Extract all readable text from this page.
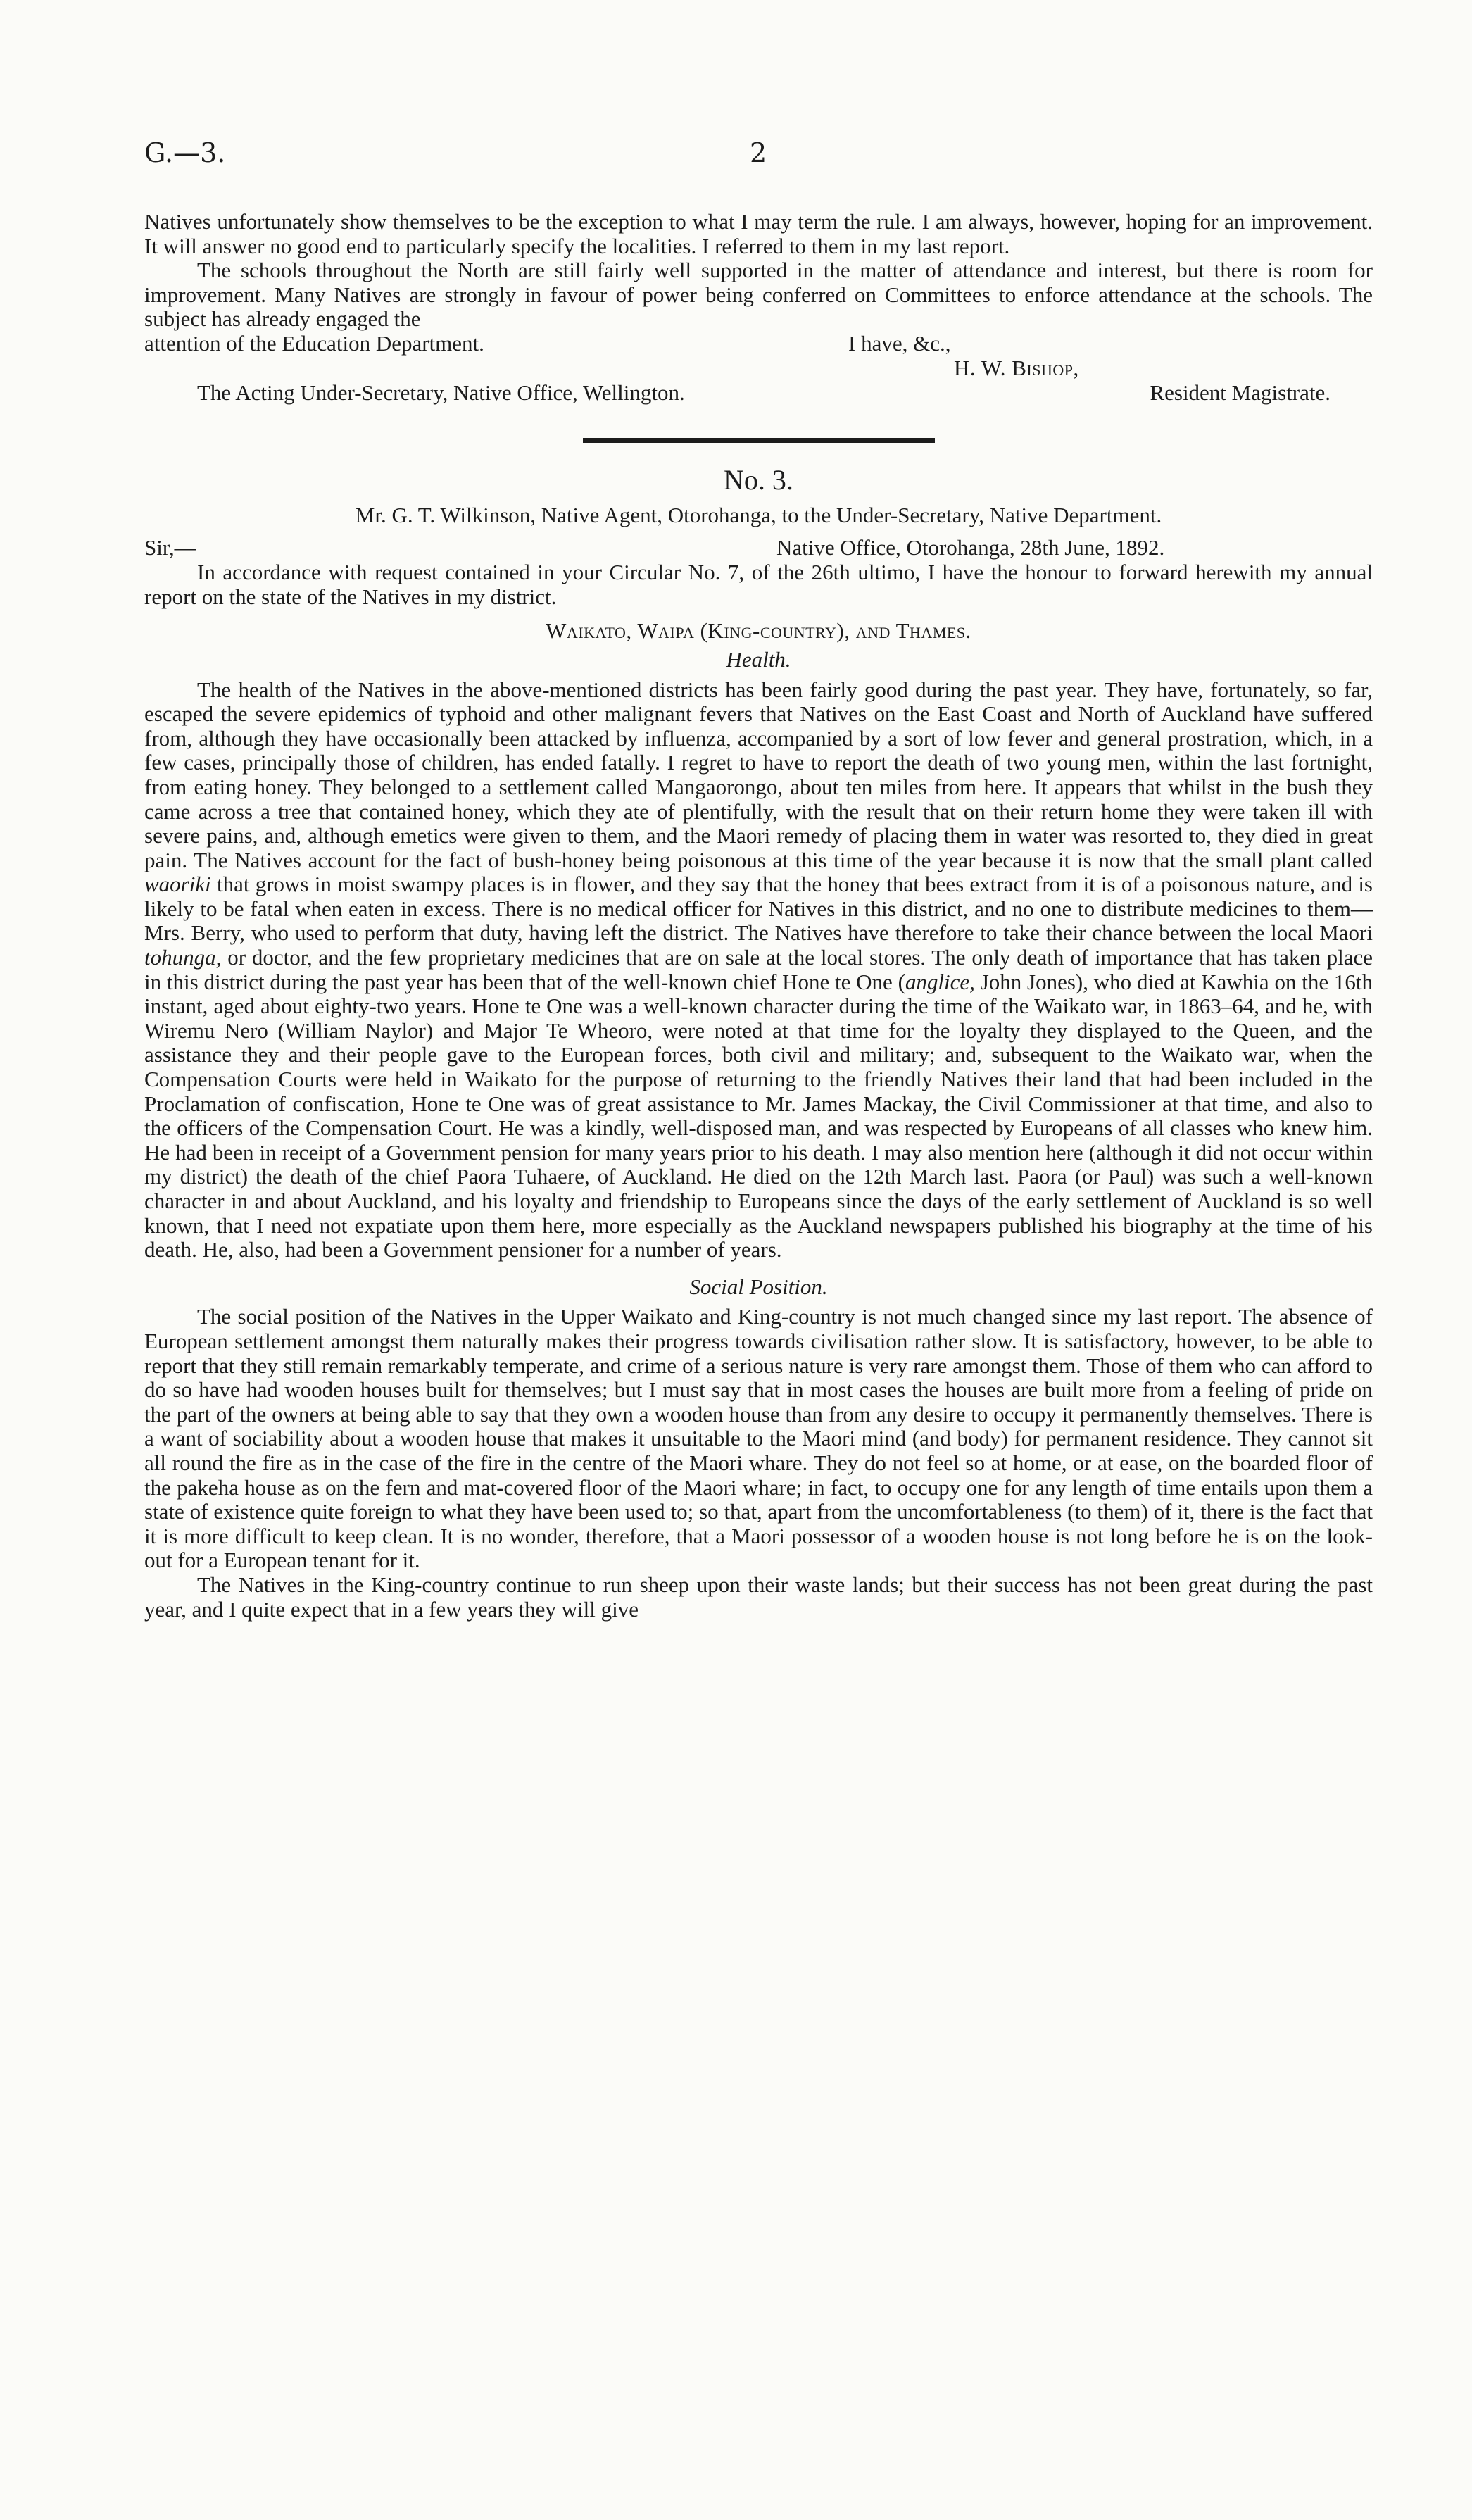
G.—3.	2

Natives unfortunately show themselves to be the exception to what I may term the rule. I am always, however, hoping for an improvement. It will answer no good end to particularly specify the localities. I referred to them in my last report.

The schools throughout the North are still fairly well supported in the matter of attendance and interest, but there is room for improvement. Many Natives are strongly in favour of power being conferred on Committees to enforce attendance at the schools. The subject has already engaged the

attention of the Education Department.	I have, &c.,
H. W. Bishop,
The Acting Under-Secretary, Native Office, Wellington.	Resident Magistrate.
No. 3.
Mr. G. T. Wilkinson, Native Agent, Otorohanga, to the Under-Secretary, Native Department.
Sir,—	Native Office, Otorohanga, 28th June, 1892.

In accordance with request contained in your Circular No. 7, of the 26th ultimo, I have the honour to forward herewith my annual report on the state of the Natives in my district.

Waikato, Waipa (King-country), and Thames.
Health.

The health of the Natives in the above-mentioned districts has been fairly good during the past year. They have, fortunately, so far, escaped the severe epidemics of typhoid and other malignant fevers that Natives on the East Coast and North of Auckland have suffered from, although they have occasionally been attacked by influenza, accompanied by a sort of low fever and general prostration, which, in a few cases, principally those of children, has ended fatally. I regret to have to report the death of two young men, within the last fortnight, from eating honey. They belonged to a settlement called Mangaorongo, about ten miles from here. It appears that whilst in the bush they came across a tree that contained honey, which they ate of plentifully, with the result that on their return home they were taken ill with severe pains, and, although emetics were given to them, and the Maori remedy of placing them in water was resorted to, they died in great pain. The Natives account for the fact of bush-honey being poisonous at this time of the year because it is now that the small plant called waoriki that grows in moist swampy places is in flower, and they say that the honey that bees extract from it is of a poisonous nature, and is likely to be fatal when eaten in excess. There is no medical officer for Natives in this district, and no one to distribute medicines to them—Mrs. Berry, who used to perform that duty, having left the district. The Natives have therefore to take their chance between the local Maori tohunga, or doctor, and the few proprietary medicines that are on sale at the local stores. The only death of importance that has taken place in this district during the past year has been that of the well-known chief Hone te One (anglice, John Jones), who died at Kawhia on the 16th instant, aged about eighty-two years. Hone te One was a well-known character during the time of the Waikato war, in 1863–64, and he, with Wiremu Nero (William Naylor) and Major Te Wheoro, were noted at that time for the loyalty they displayed to the Queen, and the assistance they and their people gave to the European forces, both civil and military; and, subsequent to the Waikato war, when the Compensation Courts were held in Waikato for the purpose of returning to the friendly Natives their land that had been included in the Proclamation of confiscation, Hone te One was of great assistance to Mr. James Mackay, the Civil Commissioner at that time, and also to the officers of the Compensation Court. He was a kindly, well-disposed man, and was respected by Europeans of all classes who knew him. He had been in receipt of a Government pension for many years prior to his death. I may also mention here (although it did not occur within my district) the death of the chief Paora Tuhaere, of Auckland. He died on the 12th March last. Paora (or Paul) was such a well-known character in and about Auckland, and his loyalty and friendship to Europeans since the days of the early settlement of Auckland is so well known, that I need not expatiate upon them here, more especially as the Auckland newspapers published his biography at the time of his death. He, also, had been a Government pensioner for a number of years.

Social Position.

The social position of the Natives in the Upper Waikato and King-country is not much changed since my last report. The absence of European settlement amongst them naturally makes their progress towards civilisation rather slow. It is satisfactory, however, to be able to report that they still remain remarkably temperate, and crime of a serious nature is very rare amongst them. Those of them who can afford to do so have had wooden houses built for themselves; but I must say that in most cases the houses are built more from a feeling of pride on the part of the owners at being able to say that they own a wooden house than from any desire to occupy it permanently themselves. There is a want of sociability about a wooden house that makes it unsuitable to the Maori mind (and body) for permanent residence. They cannot sit all round the fire as in the case of the fire in the centre of the Maori whare. They do not feel so at home, or at ease, on the boarded floor of the pakeha house as on the fern and mat-covered floor of the Maori whare; in fact, to occupy one for any length of time entails upon them a state of existence quite foreign to what they have been used to; so that, apart from the uncomfortableness (to them) of it, there is the fact that it is more difficult to keep clean. It is no wonder, therefore, that a Maori possessor of a wooden house is not long before he is on the look-out for a European tenant for it.

The Natives in the King-country continue to run sheep upon their waste lands; but their success has not been great during the past year, and I quite expect that in a few years they will give
